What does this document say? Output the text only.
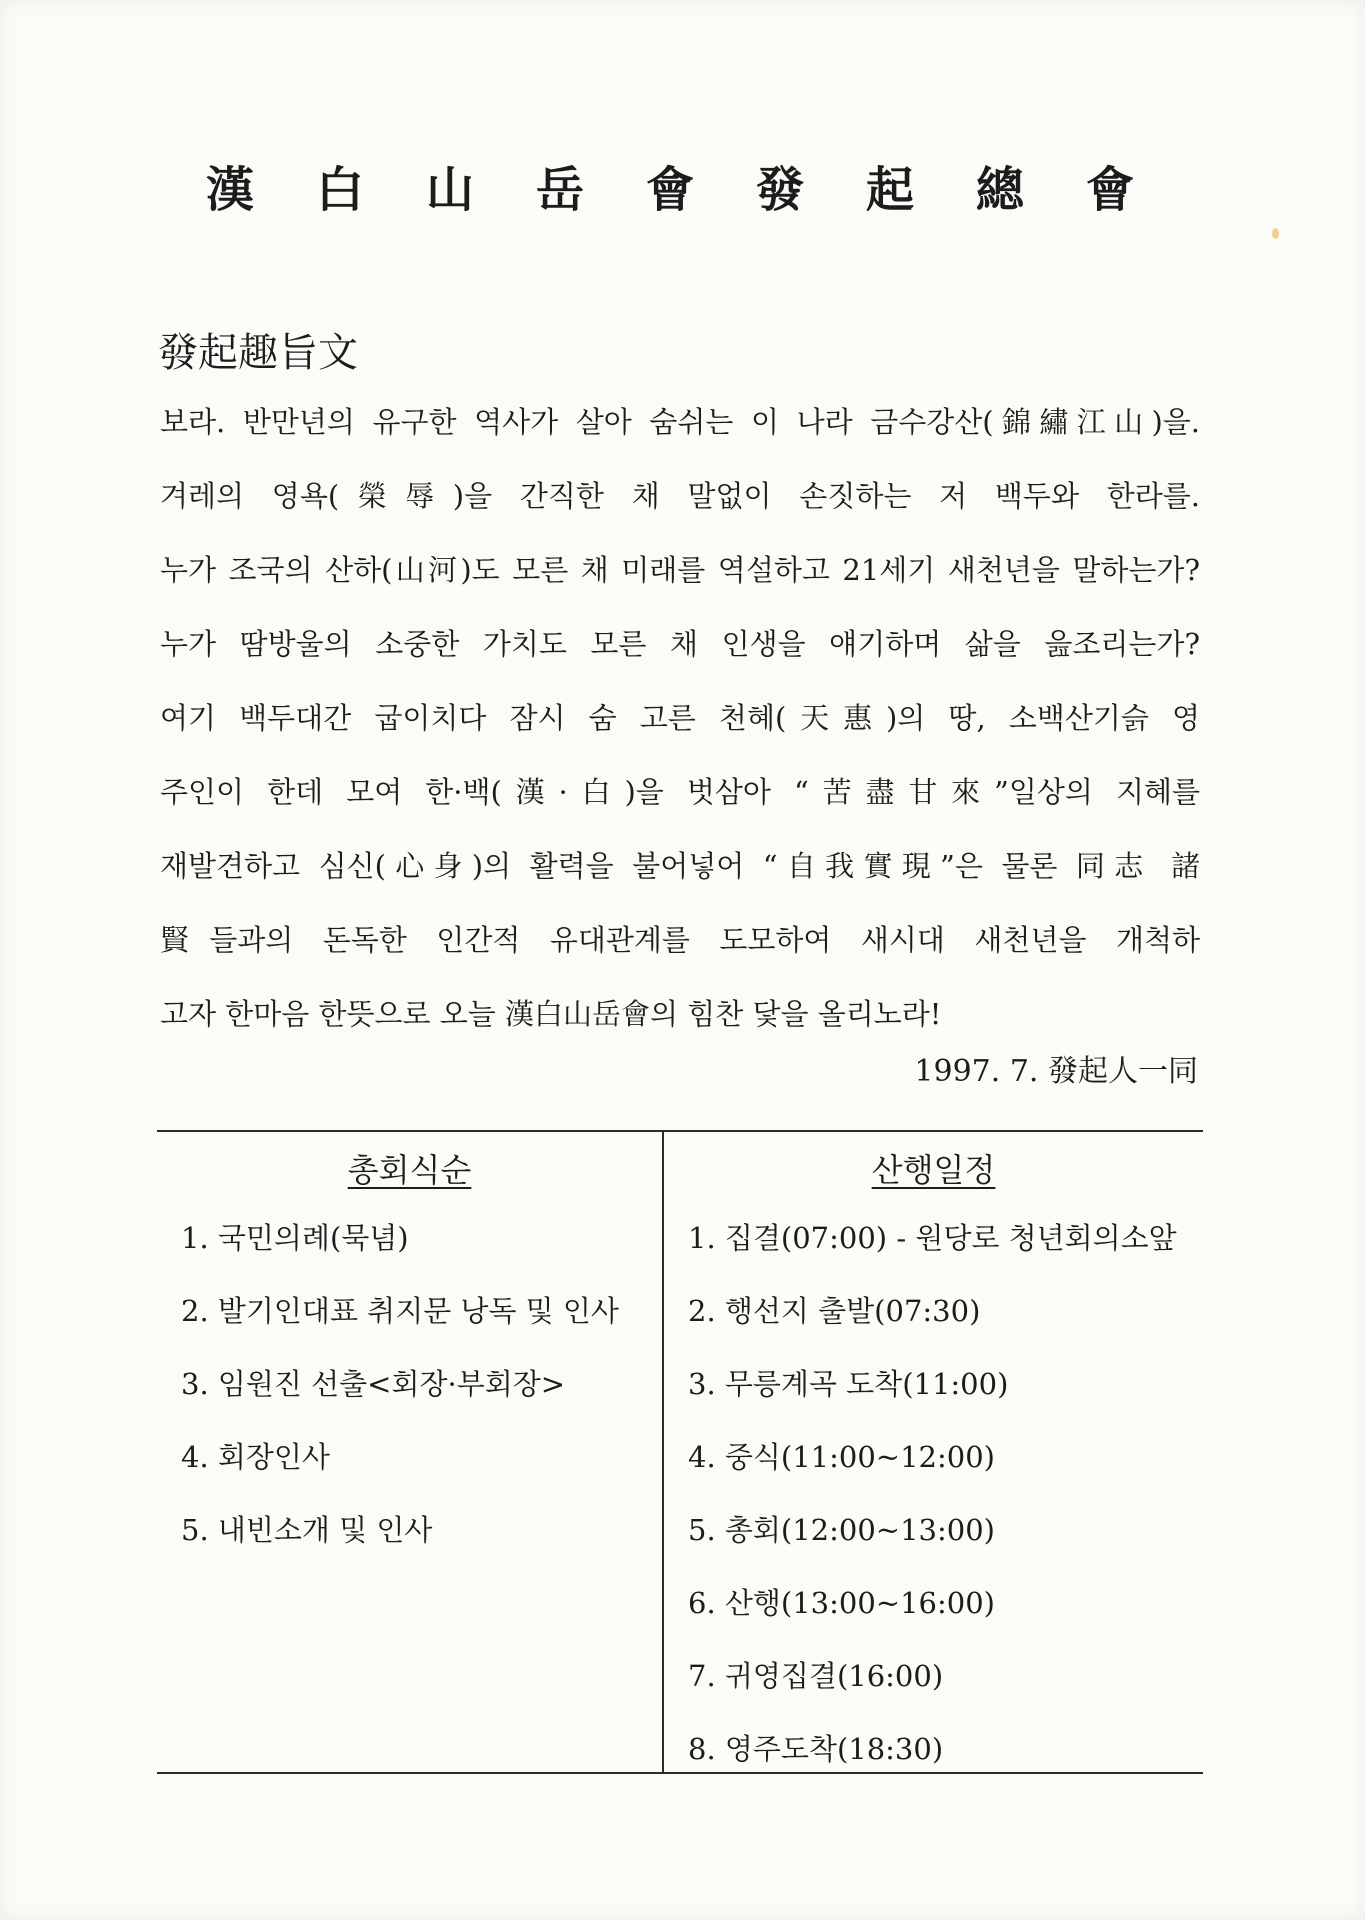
漢 白 山 岳 會 發 起 總 會
發起趣旨文
보라. 반만년의 유구한 역사가 살아 숨쉬는 이 나라 금수강산(錦繡江山)을.
겨레의 영욕(榮辱)을 간직한 채 말없이 손짓하는 저 백두와 한라를.
누가 조국의 산하(山河)도 모른 채 미래를 역설하고 21세기 새천년을 말하는가?
누가 땀방울의 소중한 가치도 모른 채 인생을 얘기하며 삶을 읊조리는가?
여기 백두대간 굽이치다 잠시 숨 고른 천혜(天惠)의 땅, 소백산기슭 영
주인이 한데 모여 한·백(漢·白)을 벗삼아 “苦盡甘來”일상의 지혜를
재발견하고 심신(心身)의 활력을 불어넣어 “自我實現”은 물론 同志 諸
賢들과의 돈독한 인간적 유대관계를 도모하여 새시대 새천년을 개척하
고자 한마음 한뜻으로 오늘 漢白山岳會의 힘찬 닻을 올리노라!

1997. 7. 發起人一同

총회식순
1. 국민의례(묵념)
2. 발기인대표 취지문 낭독 및 인사
3. 임원진 선출<회장·부회장>
4. 회장인사
5. 내빈소개 및 인사
산행일정
1. 집결(07:00) - 원당로 청년회의소앞
2. 행선지 출발(07:30)
3. 무릉계곡 도착(11:00)
4. 중식(11:00~12:00)
5. 총회(12:00~13:00)
6. 산행(13:00~16:00)
7. 귀영집결(16:00)
8. 영주도착(18:30)
